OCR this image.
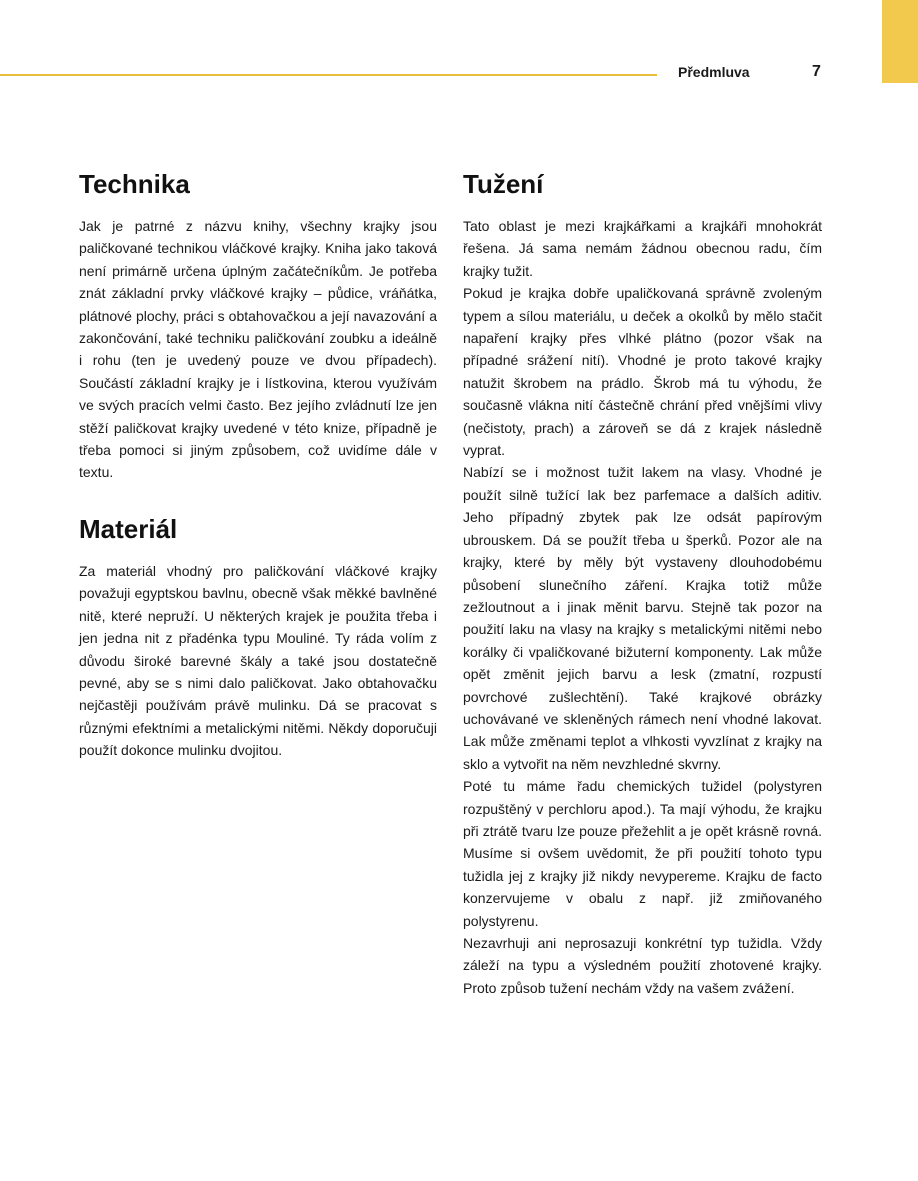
Předmluva	7
Technika

Jak je patrné z názvu knihy, všechny krajky jsou paličkované technikou vláčkové krajky. Kniha jako taková není primárně určena úplným začátečníkům. Je potřeba znát základní prvky vláčkové krajky – půdice, vráňátka, plátnové plochy, práci s obtahovačkou a její navazování a zakončování, také techniku paličkování zoubku a ideálně i rohu (ten je uvedený pouze ve dvou případech). Součástí základní krajky je i lístkovina, kterou využívám ve svých pracích velmi často. Bez jejího zvládnutí lze jen stěží paličkovat krajky uvedené v této knize, případně je třeba pomoci si jiným způsobem, což uvidíme dále v textu.

Materiál

Za materiál vhodný pro paličkování vláčkové krajky považuji egyptskou bavlnu, obecně však měkké bavlněné nitě, které nepruží. U některých krajek je použita třeba i jen jedna nit z přadénka typu Mouliné. Ty ráda volím z důvodu široké barevné škály a také jsou dostatečně pevné, aby se s nimi dalo paličkovat. Jako obtahovačku nejčastěji používám právě mulinku. Dá se pracovat s různými efektními a metalickými nitěmi. Někdy doporučuji použít dokonce mulinku dvojitou.

Tužení

Tato oblast je mezi krajkářkami a krajkáři mnohokrát řešena. Já sama nemám žádnou obecnou radu, čím krajky tužit.

Pokud je krajka dobře upaličkovaná správně zvoleným typem a sílou materiálu, u deček a okolků by mělo stačit napaření krajky přes vlhké plátno (pozor však na případné srážení nití). Vhodné je proto takové krajky natužit škrobem na prádlo. Škrob má tu výhodu, že současně vlákna nití částečně chrání před vnějšími vlivy (nečistoty, prach) a zároveň se dá z krajek následně vyprat.

Nabízí se i možnost tužit lakem na vlasy. Vhodné je použít silně tužící lak bez parfemace a dalších aditiv. Jeho případný zbytek pak lze odsát papírovým ubrouskem. Dá se použít třeba u šperků. Pozor ale na krajky, které by měly být vystaveny dlouhodobému působení slunečního záření. Krajka totiž může zežloutnout a i jinak měnit barvu. Stejně tak pozor na použití laku na vlasy na krajky s metalickými nitěmi nebo korálky či vpaličkované bižuterní komponenty. Lak může opět změnit jejich barvu a lesk (zmatní, rozpustí povrchové zušlechtění). Také krajkové obrázky uchovávané ve skleněných rámech není vhodné lakovat. Lak může změnami teplot a vlhkosti vyvzlínat z krajky na sklo a vytvořit na něm nevzhledné skvrny.

Poté tu máme řadu chemických tužidel (polystyren rozpuštěný v perchloru apod.). Ta mají výhodu, že krajku při ztrátě tvaru lze pouze přežehlit a je opět krásně rovná. Musíme si ovšem uvědomit, že při použití tohoto typu tužidla jej z krajky již nikdy nevypereme. Krajku de facto konzervujeme v obalu z např. již zmiňovaného polystyrenu.

Nezavrhuji ani neprosazuji konkrétní typ tužidla. Vždy záleží na typu a výsledném použití zhotovené krajky. Proto způsob tužení nechám vždy na vašem zvážení.
